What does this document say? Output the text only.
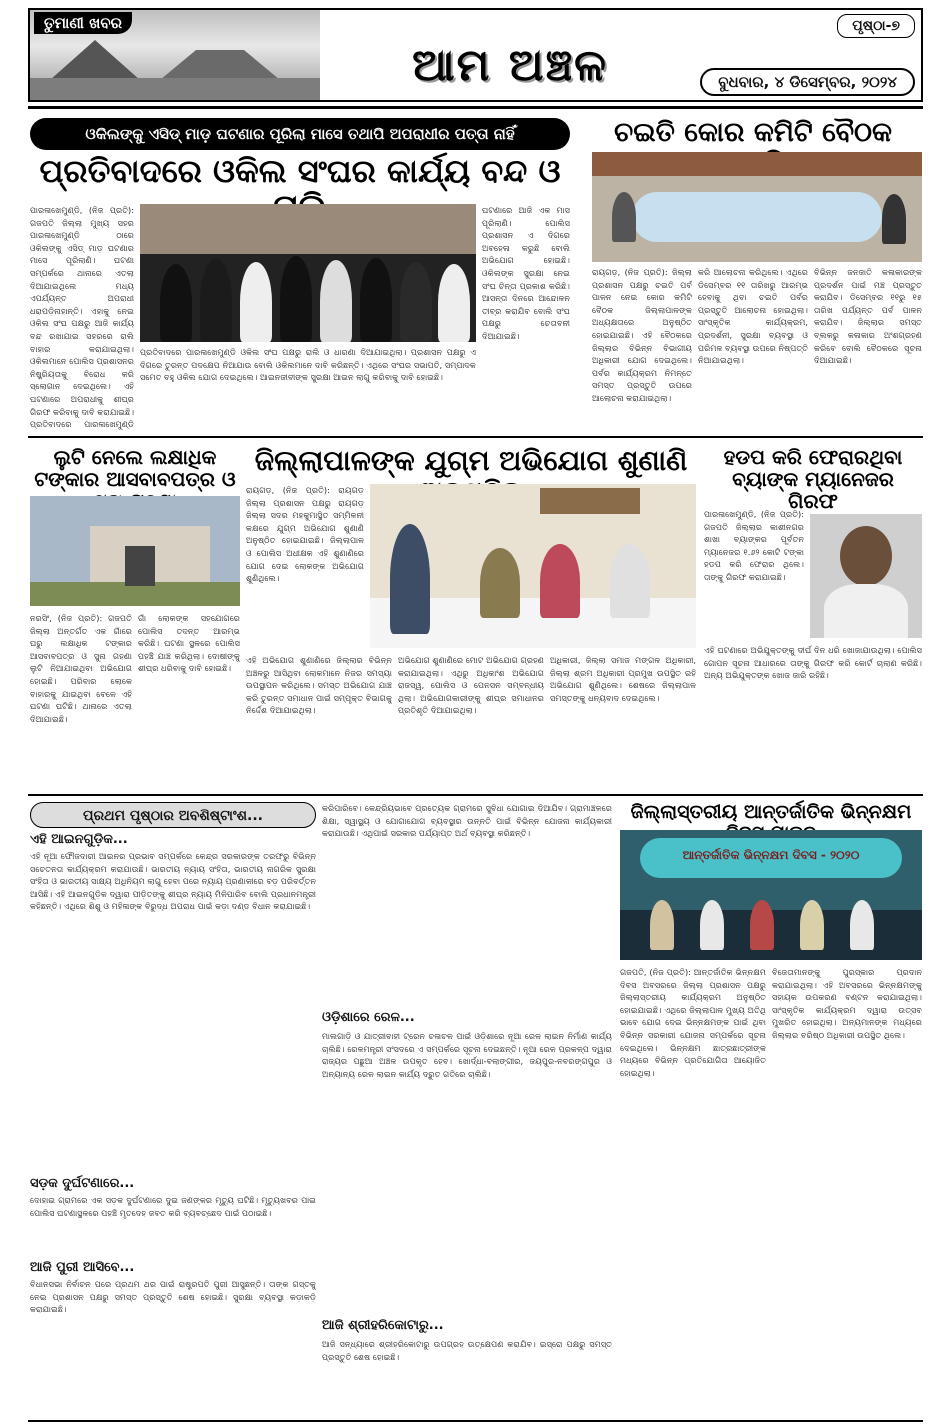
ତୁମାଣୀ ଖବର
ଆମ ଅଞ୍ଚଳ
ପୃଷ୍ଠା-୭
ବୁଧବାର, ୪ ଡିସେମ୍ବର, ୨୦୨୪
ଓକିଲଙ୍କୁ ଏସିଡ୍ ମାଡ଼ ଘଟଣାର ପୂରିଲା ମାସେ ତଥାପି ଅପରାଧୀର ପତ୍ତା ନାହିଁ
ପ୍ରତିବାଦରେ ଓକିଲ ସଂଘର କାର୍ଯ୍ୟ ବନ୍ଦ ଓ
ପାରଳାଖେମୁଣ୍ଡି, (ନିଜ ପ୍ରତି): ଗଜପତି ଜିଲ୍ଲା ମୁଖ୍ୟ ସହର ପାରଳାଖେମୁଣ୍ଡି ଠାରେ ଓକିଲଙ୍କୁ ଏସିଡ୍ ମାଡ଼ ଘଟଣାର ମାସେ ପୂରିଲାଣି। ଘଟଣା ସମ୍ପର୍କରେ ଥାନାରେ ଏତଲା ଦିଆଯାଇଥିଲେ ମଧ୍ୟ ଏପର୍ଯ୍ୟନ୍ତ ଅପରାଧୀ ଧରାପଡ଼ିନାହାନ୍ତି। ଏହାକୁ ନେଇ ଓକିଲ ସଂଘ ପକ୍ଷରୁ ଆଜି କାର୍ଯ୍ୟ ବନ୍ଦ ରଖାଯାଇ ସହରରେ ରାଲି ବାହାର କରାଯାଇଥିଲା। ଓକିଲମାନେ ପୋଲିସ ପ୍ରଶାସନର ନିଷ୍କ୍ରିୟତାକୁ ବିରୋଧ କରି ସ୍ଲୋଗାନ ଦେଇଥିଲେ। ଏହି ଘଟଣାରେ ଅପରାଧୀକୁ ଶୀଘ୍ର ଗିରଫ କରିବାକୁ ଦାବି କରାଯାଇଛି। ପ୍ରତିବାଦରେ ପାରଳାଖେମୁଣ୍ଡି
ଘଟଣାରେ ଆଜି ଏକ ମାସ ପୂରିଲାଣି। ପୋଲିସ ପ୍ରଶାସନ ଏ ଦିଗରେ ଅବହେଳା କରୁଛି ବୋଲି ଅଭିଯୋଗ ହୋଇଛି। ଓକିଲଙ୍କ ସୁରକ୍ଷା ନେଇ ସଂଘ ଚିନ୍ତା ପ୍ରକାଶ କରିଛି। ଆସନ୍ତା ଦିନରେ ଆନ୍ଦୋଳନ ତୀବ୍ର କରାଯିବ ବୋଲି ସଂଘ ପକ୍ଷରୁ ଚେତାବନୀ ଦିଆଯାଇଛି।
ପ୍ରତିବାଦରେ ପାରଳାଖେମୁଣ୍ଡି ଓକିଲ ସଂଘ ପକ୍ଷରୁ ରାଲି ଓ ଧାରଣା ଦିଆଯାଇଥିଲା। ପ୍ରଶାସନ ପକ୍ଷରୁ ଏ ଦିଗରେ ତୁରନ୍ତ ପଦକ୍ଷେପ ନିଆଯାଉ ବୋଲି ଓକିଲମାନେ ଦାବି କରିଛନ୍ତି। ଏଥିରେ ସଂଘର ସଭାପତି, ସମ୍ପାଦକ ସମେତ ବହୁ ଓକିଲ ଯୋଗ ଦେଇଥିଲେ। ଆଇନଜୀବୀଙ୍କ ସୁରକ୍ଷା ଆଇନ ଲାଗୁ କରିବାକୁ ଦାବି ହୋଇଛି।
ଚଇତି କୋର କମିଟି ବୈଠକ
ରାୟଗଡ଼, (ନିଜ ପ୍ରତି): ଜିଲ୍ଲା ପ୍ରଶାସନ ପକ୍ଷରୁ ଚଇତି ପର୍ବ ପାଳନ ନେଇ କୋର କମିଟି ବୈଠକ ଜିଲ୍ଲାପାଳଙ୍କ ଅଧ୍ୟକ୍ଷତାରେ ଅନୁଷ୍ଠିତ ହୋଇଯାଇଛି। ଏହି ବୈଠକରେ ଜିଲ୍ଲାର ବିଭିନ୍ନ ବିଭାଗୀୟ ଅଧିକାରୀ ଯୋଗ ଦେଇଥିଲେ। ପର୍ବର କାର୍ଯ୍ୟକ୍ରମ ନିମନ୍ତେ ସମସ୍ତ ପ୍ରସ୍ତୁତି ଉପରେ ଆଲୋଚନା କରାଯାଇଥିଲା।
କରି ଆଲୋଚନା କରିଥିଲେ। ଏଥିରେ ଡିସେମ୍ବର ୧୧ ତାରିଖରୁ ଆରମ୍ଭ ହେବାକୁ ଥିବା ଚଇତି ପର୍ବର ପ୍ରସ୍ତୁତି ଆଲୋଚନା ହୋଇଥିଲା। ସାଂସ୍କୃତିକ କାର୍ଯ୍ୟକ୍ରମ, ପ୍ରଦର୍ଶନୀ, ସୁରକ୍ଷା ବ୍ୟବସ୍ଥା ଓ ପରିମଳ ବ୍ୟବସ୍ଥା ଉପରେ ନିଷ୍ପତ୍ତି ନିଆଯାଇଥିଲା।
ବିଭିନ୍ନ ଜନଜାତି କଳାକାରଙ୍କ ପ୍ରଦର୍ଶନ ପାଇଁ ମଞ୍ଚ ପ୍ରସ୍ତୁତ କରାଯିବ। ଡିସେମ୍ବର ୧୧ରୁ ୧୫ ତାରିଖ ପର୍ଯ୍ୟନ୍ତ ପର୍ବ ପାଳନ କରାଯିବ। ଜିଲ୍ଲାର ସମସ୍ତ ବ୍ଲକରୁ କଳାକାର ଅଂଶଗ୍ରହଣ କରିବେ ବୋଲି ବୈଠକରେ ସୂଚନା ଦିଆଯାଇଛି।
ଲୁଟି ନେଲେ ଲକ୍ଷାଧିକ ଟଙ୍କାର ଆସବାବପତ୍ର ଓ
ନରସିଂ, (ନିଜ ପ୍ରତି): ଗଜପତି ଜିଲ୍ଲା ଅନ୍ତର୍ଗତ ଏକ ଗାଁରେ ଘରୁ ଲକ୍ଷାଧିକ ଟଙ୍କାର ଆସବାବପତ୍ର ଓ ସୁନା ଗହଣା ଲୁଟି ନିଆଯାଇଥିବା ଅଭିଯୋଗ ହୋଇଛି। ପରିବାର ଲୋକେ ବାହାରକୁ ଯାଇଥିବା ବେଳେ ଏହି ଘଟଣା ଘଟିଛି। ଥାନାରେ ଏତଲା ଦିଆଯାଇଛି।
ଗାଁ ଲୋକଙ୍କ ସହଯୋଗରେ ପୋଲିସ ତଦନ୍ତ ଆରମ୍ଭ କରିଛି। ଘଟଣା ସ୍ଥଳରେ ପୋଲିସ ପହଞ୍ଚି ଯାଞ୍ଚ କରିଥିଲା। ଦୋଷୀଙ୍କୁ ଶୀଘ୍ର ଧରିବାକୁ ଦାବି ହୋଇଛି।
ଜିଲ୍ଲାପାଳଙ୍କ ଯୁଗ୍ମ ଅଭିଯୋଗ ଶୁଣାଣି
ରାୟଗଡ଼, (ନିଜ ପ୍ରତି): ରାୟଗଡ଼ ଜିଲ୍ଲା ପ୍ରଶାସନ ପକ୍ଷରୁ ରାୟଗଡ଼ ଜିଲ୍ଲା ସଦର ମହକୁମାସ୍ଥିତ ସମ୍ମିଳନୀ କକ୍ଷରେ ଯୁଗ୍ମ ଅଭିଯୋଗ ଶୁଣାଣି ଅନୁଷ୍ଠିତ ହୋଇଯାଇଛି। ଜିଲ୍ଲାପାଳ ଓ ପୋଲିସ ଅଧୀକ୍ଷକ ଏହି ଶୁଣାଣିରେ ଯୋଗ ଦେଇ ଲୋକଙ୍କ ଅଭିଯୋଗ ଶୁଣିଥିଲେ।
ଏହି ଅଭିଯୋଗ ଶୁଣାଣିରେ ଜିଲ୍ଲାର ବିଭିନ୍ନ ଅଞ୍ଚଳରୁ ଆସିଥିବା ଲୋକମାନେ ନିଜର ସମସ୍ୟା ଉପସ୍ଥାପନ କରିଥିଲେ। ସମସ୍ତ ଅଭିଯୋଗ ଯାଞ୍ଚ କରି ତୁରନ୍ତ ସମାଧାନ ପାଇଁ ସମ୍ପୃକ୍ତ ବିଭାଗକୁ ନିର୍ଦ୍ଦେଶ ଦିଆଯାଇଥିଲା।
ଅଭିଯୋଗ ଶୁଣାଣିରେ ମୋଟ ଅଭିଯୋଗ ଗ୍ରହଣ କରାଯାଇଥିଲା। ଏଥିରୁ ଅଧିକାଂଶ ଅଭିଯୋଗ ରାଜସ୍ୱ, ପୋଲିସ ଓ ପେନସନ ସମ୍ବନ୍ଧୀୟ ଥିଲା। ଅଭିଯୋଗକାରୀଙ୍କୁ ଶୀଘ୍ର ସମାଧାନର ପ୍ରତିଶୃତି ଦିଆଯାଇଥିଲା।
ଅଧିକାରୀ, ଜିଲ୍ଲା ସମାଜ ମଙ୍ଗଳ ଅଧିକାରୀ, ଜିଲ୍ଲା ଶ୍ରମ ଅଧିକାରୀ ପ୍ରମୁଖ ଉପସ୍ଥିତ ରହି ଅଭିଯୋଗ ଶୁଣିଥିଲେ। ଶେଷରେ ଜିଲ୍ଲାପାଳ ସମସ୍ତଙ୍କୁ ଧନ୍ୟବାଦ ଦେଇଥିଲେ।
ହଡପ କରି ଫେରାରଥିବା ବ୍ୟାଙ୍କ ମ୍ୟାନେଜର ଗିରଫ
ପାରଳାଖେମୁଣ୍ଡି, (ନିଜ ପ୍ରତି): ଗଜପତି ଜିଲ୍ଲାର କାଶୀନଗର ଶାଖା ବ୍ୟାଙ୍କର ପୂର୍ବତନ ମ୍ୟାନେଜର ୧.୬୨ କୋଟି ଟଙ୍କା ହଡପ କରି ଫେରାର ଥିଲେ। ତାଙ୍କୁ ଗିରଫ କରାଯାଇଛି।
ଏହି ଘଟଣାରେ ଅଭିଯୁକ୍ତଙ୍କୁ ଦୀର୍ଘ ଦିନ ଧରି ଖୋଜାଯାଉଥିଲା। ପୋଲିସ ଗୋପନ ସୂଚନା ଆଧାରରେ ତାଙ୍କୁ ଗିରଫ କରି କୋର୍ଟ ଚାଲାଣ କରିଛି। ଅନ୍ୟ ଅଭିଯୁକ୍ତଙ୍କ ଖୋଜ ଜାରି ରହିଛି।
ପ୍ରଥମ ପୃଷ୍ଠାର ଅବଶିଷ୍ଟାଂଶ...
ଏହି ଆଇନଗୁଡ଼ିକ...
ଏହି ନୂଆ ଫୌଜଦାରୀ ଆଇନର ପ୍ରଭାବ ସମ୍ପର୍କରେ କେନ୍ଦ୍ର ସରକାରଙ୍କ ତରଫରୁ ବିଭିନ୍ନ ସଚେତନତା କାର୍ଯ୍ୟକ୍ରମ କରାଯାଉଛି। ଭାରତୀୟ ନ୍ୟାୟ ସଂହିତା, ଭାରତୀୟ ନାଗରିକ ସୁରକ୍ଷା ସଂହିତା ଓ ଭାରତୀୟ ସାକ୍ଷ୍ୟ ଅଧିନିୟମ ଲାଗୁ ହେବା ପରେ ନ୍ୟାୟ ପ୍ରଣାଳୀରେ ବଡ଼ ପରିବର୍ତ୍ତନ ଆସିଛି। ଏହି ଆଇନଗୁଡ଼ିକ ଦ୍ୱାରା ପୀଡ଼ିତଙ୍କୁ ଶୀଘ୍ର ନ୍ୟାୟ ମିଳିପାରିବ ବୋଲି ପ୍ରଧାନମନ୍ତ୍ରୀ କହିଛନ୍ତି। ଏଥିରେ ଶିଶୁ ଓ ମହିଳାଙ୍କ ବିରୁଦ୍ଧ ଅପରାଧ ପାଇଁ କଡ଼ା ଦଣ୍ଡ ବିଧାନ କରାଯାଇଛି।
ସଡ଼କ ଦୁର୍ଘଟଣାରେ...
ଦୋହାଇ ଗ୍ରାମରେ ଏକ ସଡ଼କ ଦୁର୍ଘଟଣାରେ ଦୁଇ ଜଣଙ୍କର ମୃତ୍ୟୁ ଘଟିଛି। ମୃତ୍ୟୁଖବର ପାଇ ପୋଲିସ ଘଟଣାସ୍ଥଳରେ ପହଞ୍ଚି ମୃତଦେହ ଜବତ କରି ବ୍ୟବଚ୍ଛେଦ ପାଇଁ ପଠାଇଛି।
ଆଜି ପୁରୀ ଆସିବେ...
ବିଧାନସଭା ନିର୍ବାଚନ ପରେ ପ୍ରଥମ ଥର ପାଇଁ ରାଷ୍ଟ୍ରପତି ପୁରୀ ଆସୁଛନ୍ତି। ତାଙ୍କ ଗସ୍ତକୁ ନେଇ ପ୍ରଶାସନ ପକ୍ଷରୁ ସମସ୍ତ ପ୍ରସ୍ତୁତି ଶେଷ ହୋଇଛି। ସୁରକ୍ଷା ବ୍ୟବସ୍ଥା କଡ଼ାକଡ଼ି କରାଯାଇଛି।
କରିପାରିବେ। କେନ୍ଦ୍ରିୟଭାବେ ପ୍ରତ୍ୟେକ ଗ୍ରାମରେ ସୁବିଧା ଯୋଗାଇ ଦିଆଯିବ। ଗ୍ରାମାଞ୍ଚଳରେ ଶିକ୍ଷା, ସ୍ୱାସ୍ଥ୍ୟ ଓ ଯୋଗାଯୋଗ ବ୍ୟବସ୍ଥାର ଉନ୍ନତି ପାଇଁ ବିଭିନ୍ନ ଯୋଜନା କାର୍ଯ୍ୟକାରୀ କରାଯାଉଛି। ଏଥିପାଇଁ ସରକାର ପର୍ଯ୍ୟାପ୍ତ ଅର୍ଥ ବ୍ୟବସ୍ଥା କରିଛନ୍ତି।
ଓଡ଼ିଶାରେ ରେଳ...
ମାଲଗାଡ଼ି ଓ ଯାତ୍ରୀବାହୀ ଟ୍ରେନ ଚଳାଚଳ ପାଇଁ ଓଡ଼ିଶାରେ ନୂଆ ରେଳ ଲାଇନ ନିର୍ମାଣ କାର୍ଯ୍ୟ ଚାଲିଛି। ରେଳମନ୍ତ୍ରୀ ସଂସଦରେ ଏ ସମ୍ପର୍କରେ ସୂଚନା ଦେଇଛନ୍ତି। ନୂଆ ରେଳ ପ୍ରକଳ୍ପ ଦ୍ୱାରା ରାଜ୍ୟର ପଛୁଆ ଅଞ୍ଚଳ ଉପକୃତ ହେବ। ଖୋର୍ଦ୍ଧା-ବଲାଙ୍ଗୀର, ଜୟପୁର-ନବରଙ୍ଗପୁର ଓ ଅନ୍ୟାନ୍ୟ ରେଳ ଲାଇନ କାର୍ଯ୍ୟ ଦ୍ରୁତ ଗତିରେ ଚାଲିଛି।
ଆଜି ଶ୍ରୀହରିକୋଟାରୁ...
ଆଜି ସନ୍ଧ୍ୟାରେ ଶ୍ରୀହରିକୋଟାରୁ ଉପଗ୍ରହ ଉତ୍କ୍ଷେପଣ କରାଯିବ। ଇସ୍ରୋ ପକ୍ଷରୁ ସମସ୍ତ ପ୍ରସ୍ତୁତି ଶେଷ ହୋଇଛି।
ଜିଲ୍ଲାସ୍ତରୀୟ ଆନ୍ତର୍ଜାତିକ ଭିନ୍ନକ୍ଷମ
ଆନ୍ତର୍ଜାତିକ ଭିନ୍ନକ୍ଷମ ଦିବସ - ୨୦୨୦
ଗଜପତି, (ନିଜ ପ୍ରତି): ଆନ୍ତର୍ଜାତିକ ଭିନ୍ନକ୍ଷମ ଦିବସ ଅବସରରେ ଜିଲ୍ଲା ପ୍ରଶାସନ ପକ୍ଷରୁ ଜିଲ୍ଲାସ୍ତରୀୟ କାର୍ଯ୍ୟକ୍ରମ ଅନୁଷ୍ଠିତ ହୋଇଯାଇଛି। ଏଥିରେ ଜିଲ୍ଲାପାଳ ମୁଖ୍ୟ ଅତିଥି ଭାବେ ଯୋଗ ଦେଇ ଭିନ୍ନକ୍ଷମଙ୍କ ପାଇଁ ଥିବା ବିଭିନ୍ନ ସରକାରୀ ଯୋଜନା ସମ୍ପର୍କରେ ସୂଚନା ଦେଇଥିଲେ। ଭିନ୍ନକ୍ଷମ ଛାତ୍ରଛାତ୍ରୀଙ୍କ ମଧ୍ୟରେ ବିଭିନ୍ନ ପ୍ରତିଯୋଗିତା ଆୟୋଜିତ ହୋଇଥିଲା।
ବିଜେତାମାନଙ୍କୁ ପୁରସ୍କାର ପ୍ରଦାନ କରାଯାଇଥିଲା। ଏହି ଅବସରରେ ଭିନ୍ନକ୍ଷମଙ୍କୁ ସହାୟକ ଉପକରଣ ବଣ୍ଟନ କରାଯାଇଥିଲା। ସାଂସ୍କୃତିକ କାର୍ଯ୍ୟକ୍ରମ ଦ୍ୱାରା ଉତ୍ସବ ମୁଖରିତ ହୋଇଥିଲା। ଅନ୍ୟମାନଙ୍କ ମଧ୍ୟରେ ଜିଲ୍ଲାର ବରିଷ୍ଠ ଅଧିକାରୀ ଉପସ୍ଥିତ ଥିଲେ।
